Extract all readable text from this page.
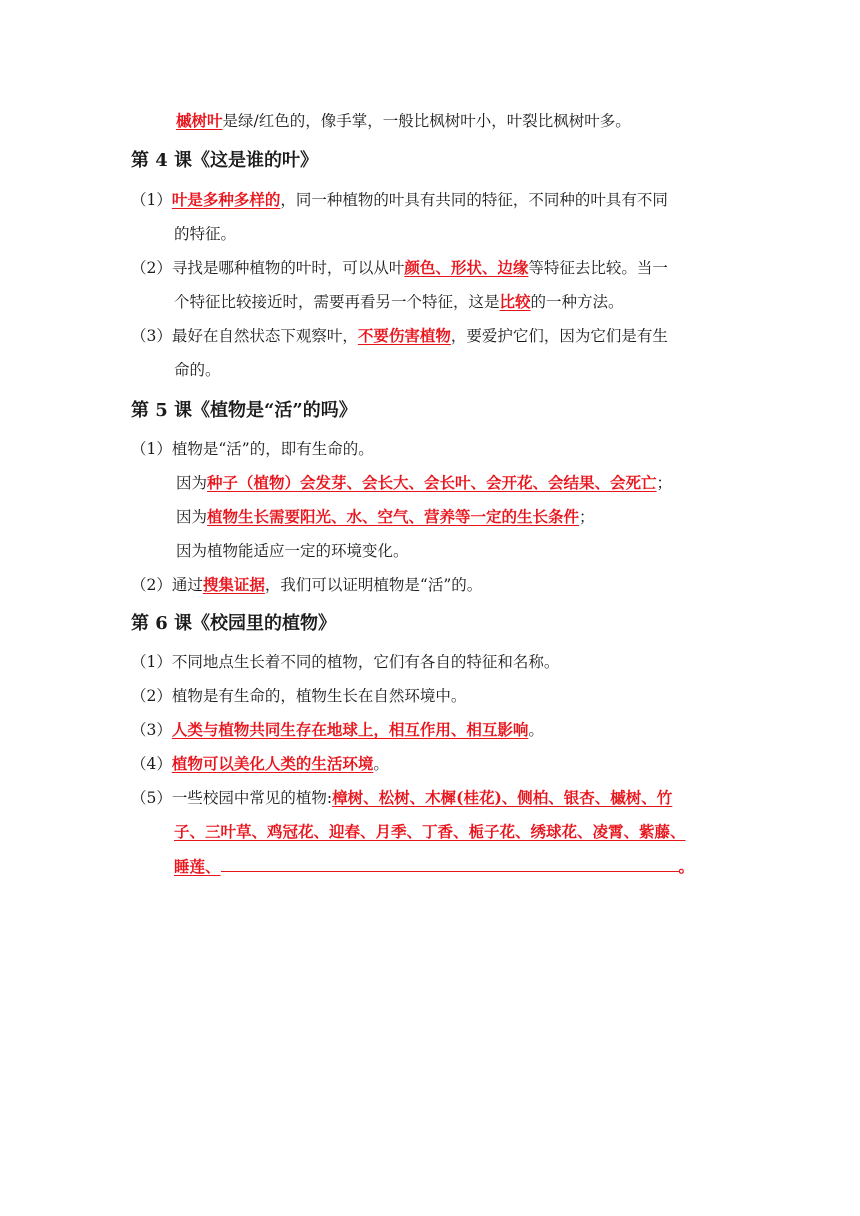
槭树叶是绿/红色的，像手掌，一般比枫树叶小，叶裂比枫树叶多。
第 4 课《这是谁的叶》
（1）叶是多种多样的，同一种植物的叶具有共同的特征，不同种的叶具有不同
的特征。
（2）寻找是哪种植物的叶时，可以从叶颜色、形状、边缘等特征去比较。当一
个特征比较接近时，需要再看另一个特征，这是比较的一种方法。
（3）最好在自然状态下观察叶，不要伤害植物，要爱护它们，因为它们是有生
命的。
第 5 课《植物是“活”的吗》
（1）植物是“活”的，即有生命的。
因为种子（植物）会发芽、会长大、会长叶、会开花、会结果、会死亡；
因为植物生长需要阳光、水、空气、营养等一定的生长条件；
因为植物能适应一定的环境变化。
（2）通过搜集证据，我们可以证明植物是“活”的。
第 6 课《校园里的植物》
（1）不同地点生长着不同的植物，它们有各自的特征和名称。
（2）植物是有生命的，植物生长在自然环境中。
（3）人类与植物共同生存在地球上，相互作用、相互影响。
（4）植物可以美化人类的生活环境。
（5）一些校园中常见的植物:樟树、松树、木樨(桂花)、侧柏、银杏、槭树、竹
子、三叶草、鸡冠花、迎春、月季、丁香、栀子花、绣球花、凌霄、紫藤、
睡莲、	。
